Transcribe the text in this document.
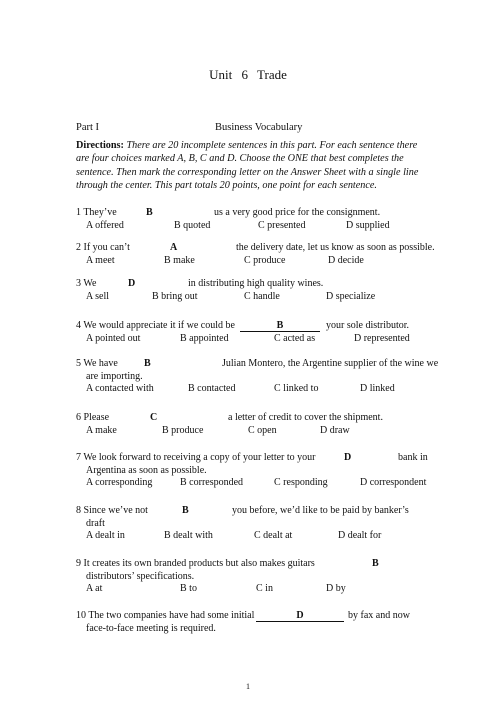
Unit 6 Trade
Part I	Business Vocabulary
Directions: There are 20 incomplete sentences in this part. For each sentence there are four choices marked A, B, C and D. Choose the ONE that best completes the sentence. Then mark the corresponding letter on the Answer Sheet with a single line through the center. This part totals 20 points, one point for each sentence.
1 They’ve	B	us a very good price for the consignment.
A offered	B quoted	C presented	D supplied
2 If you can’t	A	the delivery date, let us know as soon as possible.
A meet	B make	C produce	D decide
3 We	D	in distributing high quality wines.
A sell	B bring out	C handle	D specialize
4 We would appreciate it if we could be	B	your sole distributor.
A pointed out	B appointed	C acted as	D represented
5 We have	B	Julian Montero, the Argentine supplier of the wine we
are importing.
A contacted with	B contacted	C linked to	D linked
6 Please	C	a letter of credit to cover the shipment.
A make	B produce	C open	D draw
7 We look forward to receiving a copy of your letter to your	D	bank in
Argentina as soon as possible.
A corresponding	B corresponded	C responding	D correspondent
8 Since we’ve not	B	you before, we’d like to be paid by banker’s
draft
A dealt in	B dealt with	C dealt at	D dealt for
9 It creates its own branded products but also makes guitars	B
distributors’ specifications.
A at	B to	C in	D by
10 The two companies have had some initial	D	by fax and now
face-to-face meeting is required.
1
